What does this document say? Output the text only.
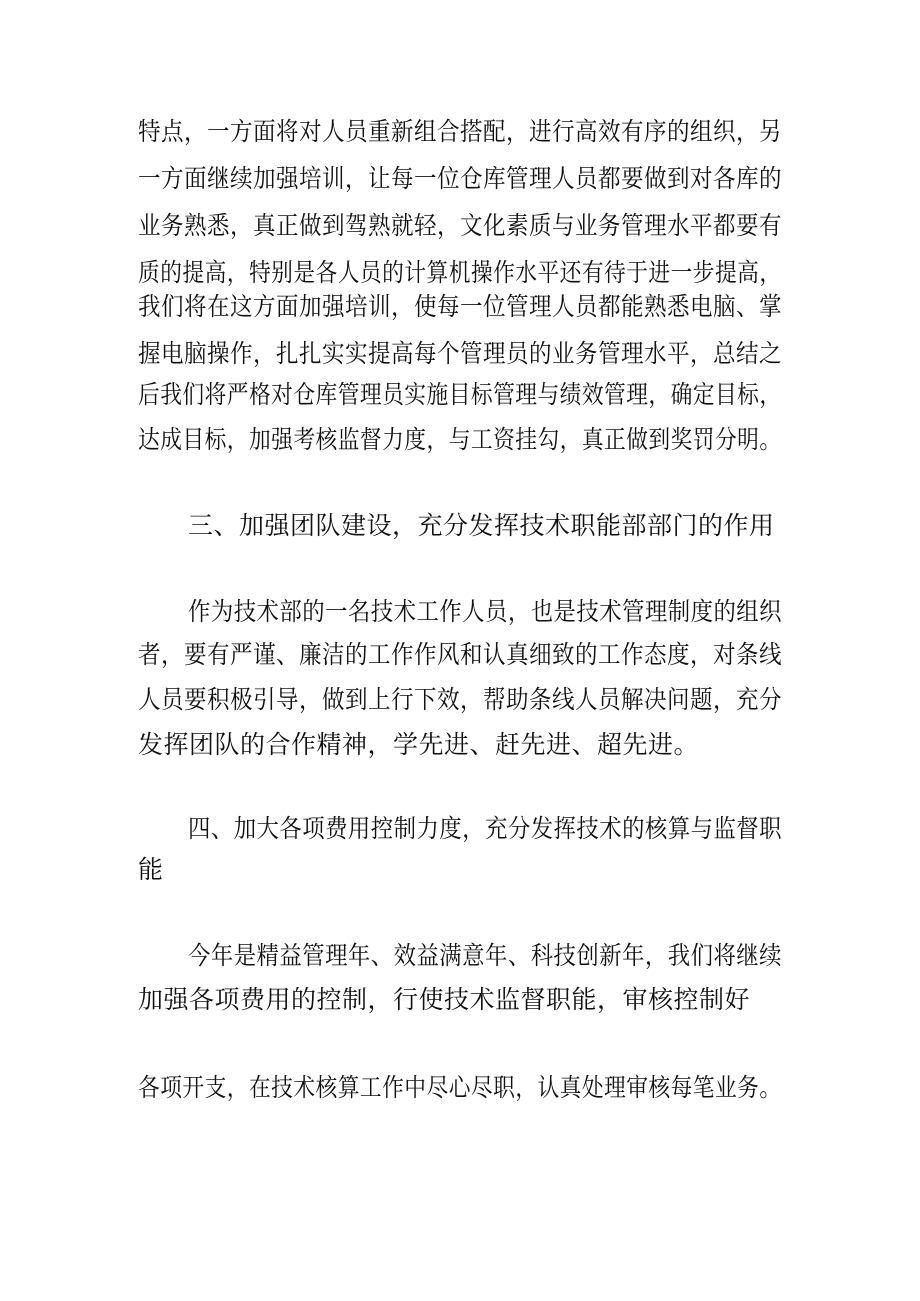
特点，一方面将对人员重新组合搭配，进行高效有序的组织，另
一方面继续加强培训，让每一位仓库管理人员都要做到对各库的
业务熟悉，真正做到驾熟就轻，文化素质与业务管理水平都要有
质的提高，特别是各人员的计算机操作水平还有待于进一步提高，
我们将在这方面加强培训，使每一位管理人员都能熟悉电脑、掌
握电脑操作，扎扎实实提高每个管理员的业务管理水平，总结之
后我们将严格对仓库管理员实施目标管理与绩效管理，确定目标，
达成目标，加强考核监督力度，与工资挂勾，真正做到奖罚分明。
三、加强团队建设，充分发挥技术职能部部门的作用
作为技术部的一名技术工作人员，也是技术管理制度的组织
者，要有严谨、廉洁的工作作风和认真细致的工作态度，对条线
人员要积极引导，做到上行下效，帮助条线人员解决问题，充分
发挥团队的合作精神，学先进、赶先进、超先进。
四、加大各项费用控制力度，充分发挥技术的核算与监督职
能
今年是精益管理年、效益满意年、科技创新年，我们将继续
加强各项费用的控制，行使技术监督职能，审核控制好
各项开支，在技术核算工作中尽心尽职，认真处理审核每笔业务。
